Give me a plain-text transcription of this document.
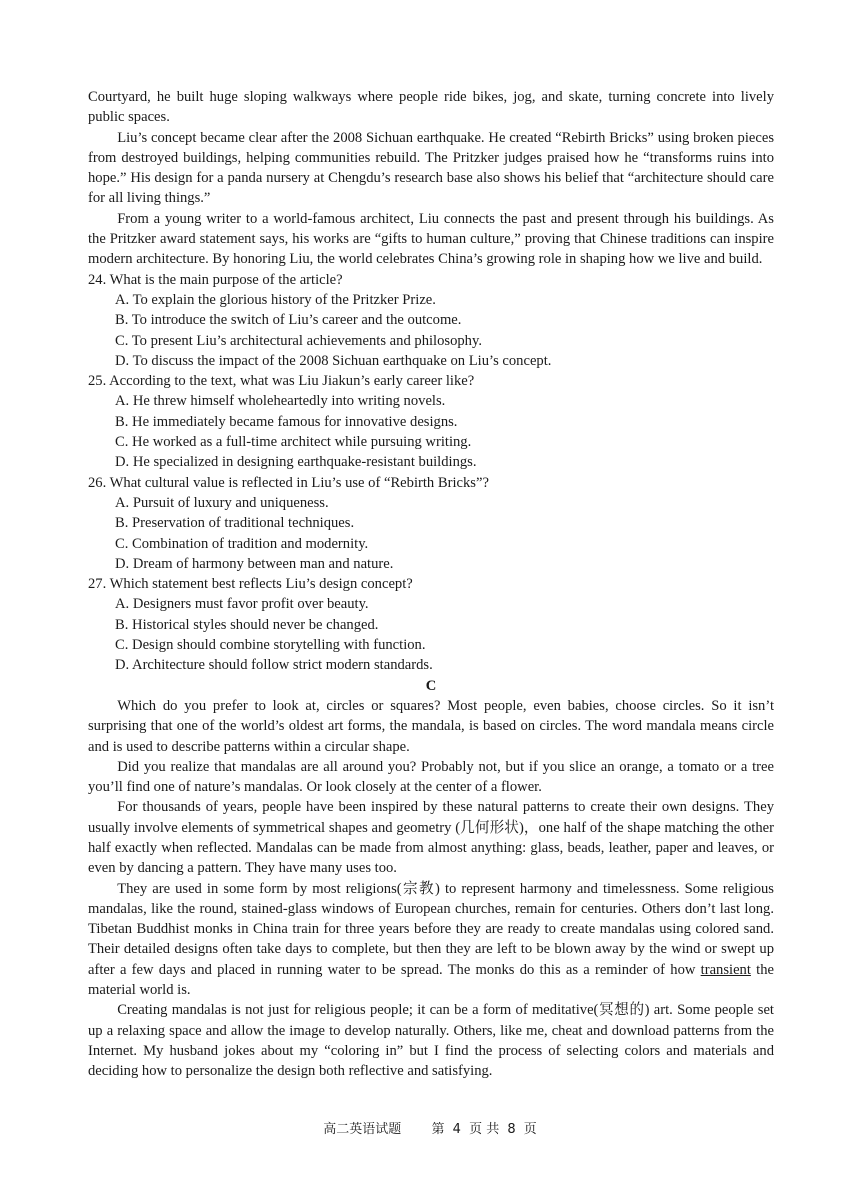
Courtyard, he built huge sloping walkways where people ride bikes, jog, and skate, turning concrete into lively public spaces.

Liu’s concept became clear after the 2008 Sichuan earthquake. He created “Rebirth Bricks” using broken pieces from destroyed buildings, helping communities rebuild. The Pritzker judges praised how he “transforms ruins into hope.” His design for a panda nursery at Chengdu’s research base also shows his belief that “architecture should care for all living things.”

From a young writer to a world-famous architect, Liu connects the past and present through his buildings. As the Pritzker award statement says, his works are “gifts to human culture,” proving that Chinese traditions can inspire modern architecture. By honoring Liu, the world celebrates China’s growing role in shaping how we live and build.

24. What is the main purpose of the article?

A. To explain the glorious history of the Pritzker Prize.

B. To introduce the switch of Liu’s career and the outcome.

C. To present Liu’s architectural achievements and philosophy.

D. To discuss the impact of the 2008 Sichuan earthquake on Liu’s concept.

25. According to the text, what was Liu Jiakun’s early career like?

A. He threw himself wholeheartedly into writing novels.

B. He immediately became famous for innovative designs.

C. He worked as a full-time architect while pursuing writing.

D. He specialized in designing earthquake-resistant buildings.

26. What cultural value is reflected in Liu’s use of “Rebirth Bricks”?

A. Pursuit of luxury and uniqueness.

B. Preservation of traditional techniques.

C. Combination of tradition and modernity.

D. Dream of harmony between man and nature.

27. Which statement best reflects Liu’s design concept?

A. Designers must favor profit over beauty.

B. Historical styles should never be changed.

C. Design should combine storytelling with function.

D. Architecture should follow strict modern standards.

C

Which do you prefer to look at, circles or squares? Most people, even babies, choose circles. So it isn’t surprising that one of the world’s oldest art forms, the mandala, is based on circles. The word mandala means circle and is used to describe patterns within a circular shape.

Did you realize that mandalas are all around you? Probably not, but if you slice an orange, a tomato or a tree you’ll find one of nature’s mandalas. Or look closely at the center of a flower.

For thousands of years, people have been inspired by these natural patterns to create their own designs. They usually involve elements of symmetrical shapes and geometry (几何形状)，one half of the shape matching the other half exactly when reflected. Mandalas can be made from almost anything: glass, beads, leather, paper and leaves, or even by dancing a pattern. They have many uses too.

They are used in some form by most religions(宗教) to represent harmony and timelessness. Some religious mandalas, like the round, stained-glass windows of European churches, remain for centuries. Others don’t last long. Tibetan Buddhist monks in China train for three years before they are ready to create mandalas using colored sand. Their detailed designs often take days to complete, but then they are left to be blown away by the wind or swept up after a few days and placed in running water to be spread. The monks do this as a reminder of how transient the material world is.

Creating mandalas is not just for religious people; it can be a form of meditative(冥想的) art. Some people set up a relaxing space and allow the image to develop naturally. Others, like me, cheat and download patterns from the Internet. My husband jokes about my “coloring in” but I find the process of selecting colors and materials and deciding how to personalize the design both reflective and satisfying.

高二英语试题 第 4 页 共 8 页
